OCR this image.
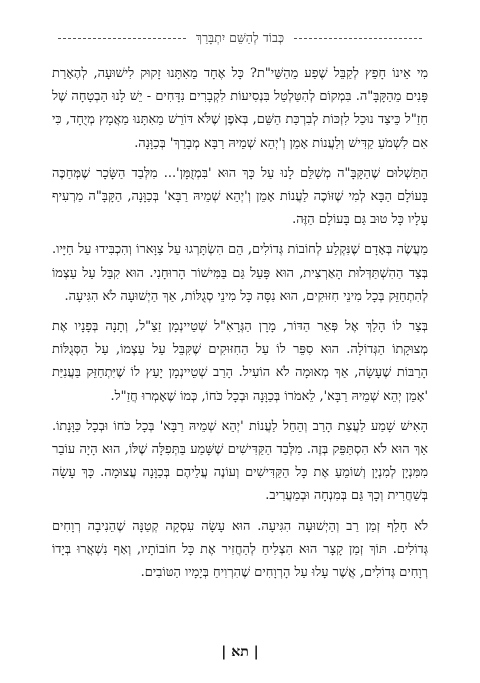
כְּבוֹד לְהַשֵּׁם יִתְבָּרַךְ

מִי אֵינוֹ חָפֵץ לְקַבֵּל שֶׁפַע מֵהַשֵּׁי"ת? כָּל אֶחָד מֵאִתָּנוּ זָקוּק לִישׁוּעָה, לְהֶאָרַת פָּנִים מֵהַקָּבָּ"ה. בִּמְקוֹם לְהִטַּלְטֵל בִּנְסִיעוֹת לִקְבָרִים נִדָּחִים - יֵשׁ לָנוּ הַבְטָחָה שֶׁל חַזַ"ל כֵּיצַד נוּכַל לִזְכּוֹת לְבִרְכַּת הַשֵּׁם, בְּאֹפֶן שֶׁלֹּא דּוֹרֵשׁ מֵאִתָּנוּ מַאֲמָץ מְיֻחָד, כִּי אִם לִשְׁמֹעַ קַדִּישׁ וְלַעֲנוֹת אָמֵן וְ'יְהֵא שְׁמֵיהּ רַבָּא מְבָרַךְ' בְּכַוָּנָה.

הַתַּשְׁלוּם שֶׁהַקָּבָּ"ה מְשַׁלֵּם לָנוּ עַל כָּךְ הוּא 'בִּמְזֻמָּן'... מִלְּבַד הַשָּׂכָר שֶׁמְּחַכֶּה בָּעוֹלָם הַבָּא לְמִי שֶׁזּוֹכֶה לַעֲנוֹת אָמֵן וְ'יְהֵא שְׁמֵיהּ רַבָּא' בְּכַוָּנָה, הַקָּבָּ"ה מַרְעִיף עָלָיו כָּל טוּב גַּם בָּעוֹלָם הַזֶּה.

מַעֲשֶׂה בְּאָדָם שֶׁנִּקְלַע לְחוֹבוֹת גְּדוֹלִים, הֵם הִשְׂתָּרְגוּ עַל צַוָּארוֹ וְהִכְבִּידוּ עַל חַיָּיו. בְּצַד הַהִשְׁתַּדְּלוּת הָאַרְצִית, הוּא פָּעַל גַּם בַּמִּישׁוֹר הָרוּחָנִי. הוּא קִבֵּל עַל עַצְמוֹ לְהִתְחַזֵּק בְּכָל מִינֵי חִזּוּקִים, הוּא נִסָּה כָּל מִינֵי סְגֻלּוֹת, אַךְ הַיְשׁוּעָה לֹא הִגִּיעָה.

בְּצַר לוֹ הָלַךְ אֶל פְּאֵר הַדּוֹר, מָרָן הַגְּרָאִ"ל שְׁטֵיינְמָן זַצַ"ל, וְתָנָה בְּפָנָיו אֶת מְצוּקָתוֹ הַגְּדוֹלָה. הוּא סִפֵּר לוֹ עַל הַחִזּוּקִים שֶׁקִּבֵּל עַל עַצְמוֹ, עַל הַסְּגֻלּוֹת הָרַבּוֹת שֶׁעָשָׂה, אַךְ מְאוּמָה לֹא הוֹעִיל. הָרַב שְׁטֵיינְמָן יָעַץ לוֹ שֶׁיִּתְחַזֵּק בַּעֲנִיַּת 'אָמֵן יְהֵא שְׁמֵיהּ רַבָּא', לֵאמֹרוֹ בְּכַוָּנָה וּבְכָל כֹּחוֹ, כְּמוֹ שֶׁאָמְרוּ חֲזַ"ל.

הָאִישׁ שָׁמַע לַעֲצַת הָרַב וְהֵחֵל לַעֲנוֹת 'יְהֵא שְׁמֵיהּ רַבָּא' בְּכָל כֹּחוֹ וּבְכָל כַּוָּנָתוֹ. אַךְ הוּא לֹא הִסְתַּפֵּק בְּזֶה. מִלְּבַד הַקַּדִּישִׁים שֶׁשָּׁמַע בַּתְּפִלָּה שֶׁלּוֹ, הוּא הָיָה עוֹבֵר מִמִּנְיָן לְמִנְיָן וְשׁוֹמֵעַ אֶת כָּל הַקַּדִּישִׁים וְעוֹנֶה עֲלֵיהֶם בְּכַוָּנָה עֲצוּמָה. כָּךְ עָשָׂה בְּשַׁחֲרִית וְכָךְ גַּם בְּמִנְחָה וּבְמַעֲרִיב.

לֹא חָלַף זְמַן רַב וְהַיְשׁוּעָה הִגִּיעָה. הוּא עָשָׂה עִסְקָה קְטַנָּה שֶׁהֵנִיבָה רְוָחִים גְּדוֹלִים. תּוֹךְ זְמַן קָצָר הוּא הִצְלִיחַ לְהַחֲזִיר אֶת כָּל חוֹבוֹתָיו, וְאַף נִשְׁאֲרוּ בְּיָדוֹ רְוָחִים גְּדוֹלִים, אֲשֶׁר עָלוּ עַל הָרְוָחִים שֶׁהִרְוִיחַ בְּיָמָיו הַטּוֹבִים.

| תא |
